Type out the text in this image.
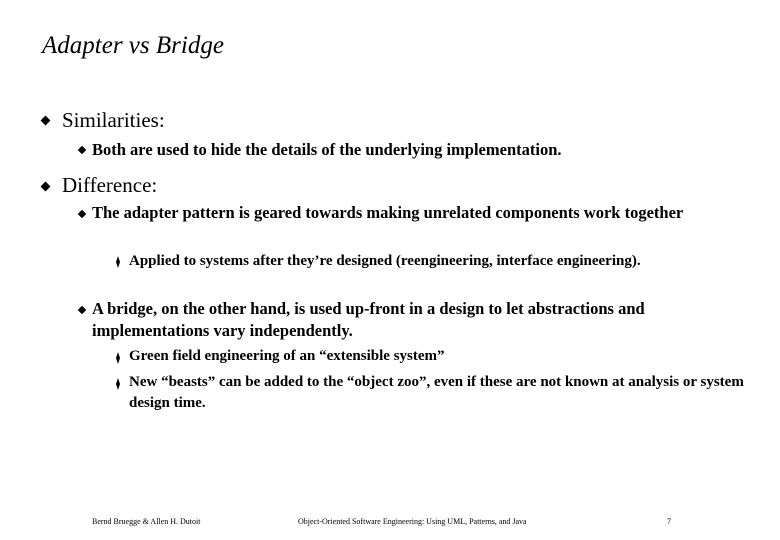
Adapter vs Bridge
Similarities:
Both are used to hide the details of the underlying implementation.
Difference:
The adapter pattern is geared towards making unrelated components work together
Applied to systems after they’re designed (reengineering, interface engineering).
A bridge, on the other hand, is used up-front in a design to let abstractions and implementations vary independently.
Green field engineering of an “extensible system”
New “beasts” can be added to the “object zoo”, even if these are not known at analysis or system design time.
Bernd Bruegge & Allen H. Dutoit	Object-Oriented Software Engineering: Using UML, Patterns, and Java	7
